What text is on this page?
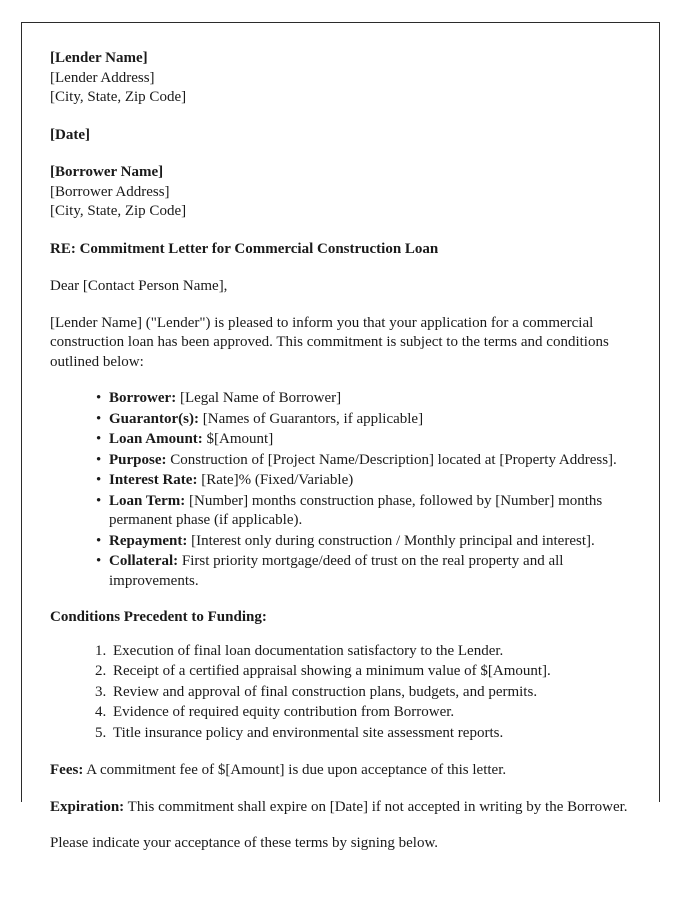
[Lender Name]
[Lender Address]
[City, State, Zip Code]
[Date]
[Borrower Name]
[Borrower Address]
[City, State, Zip Code]
RE: Commitment Letter for Commercial Construction Loan
Dear [Contact Person Name],
[Lender Name] ("Lender") is pleased to inform you that your application for a commercial construction loan has been approved. This commitment is subject to the terms and conditions outlined below:
• Borrower: [Legal Name of Borrower]
• Guarantor(s): [Names of Guarantors, if applicable]
• Loan Amount: $[Amount]
• Purpose: Construction of [Project Name/Description] located at [Property Address].
• Interest Rate: [Rate]% (Fixed/Variable)
• Loan Term: [Number] months construction phase, followed by [Number] months permanent phase (if applicable).
• Repayment: [Interest only during construction / Monthly principal and interest].
• Collateral: First priority mortgage/deed of trust on the real property and all improvements.
Conditions Precedent to Funding:
1. Execution of final loan documentation satisfactory to the Lender.
2. Receipt of a certified appraisal showing a minimum value of $[Amount].
3. Review and approval of final construction plans, budgets, and permits.
4. Evidence of required equity contribution from Borrower.
5. Title insurance policy and environmental site assessment reports.
Fees: A commitment fee of $[Amount] is due upon acceptance of this letter.
Expiration: This commitment shall expire on [Date] if not accepted in writing by the Borrower.
Please indicate your acceptance of these terms by signing below.
